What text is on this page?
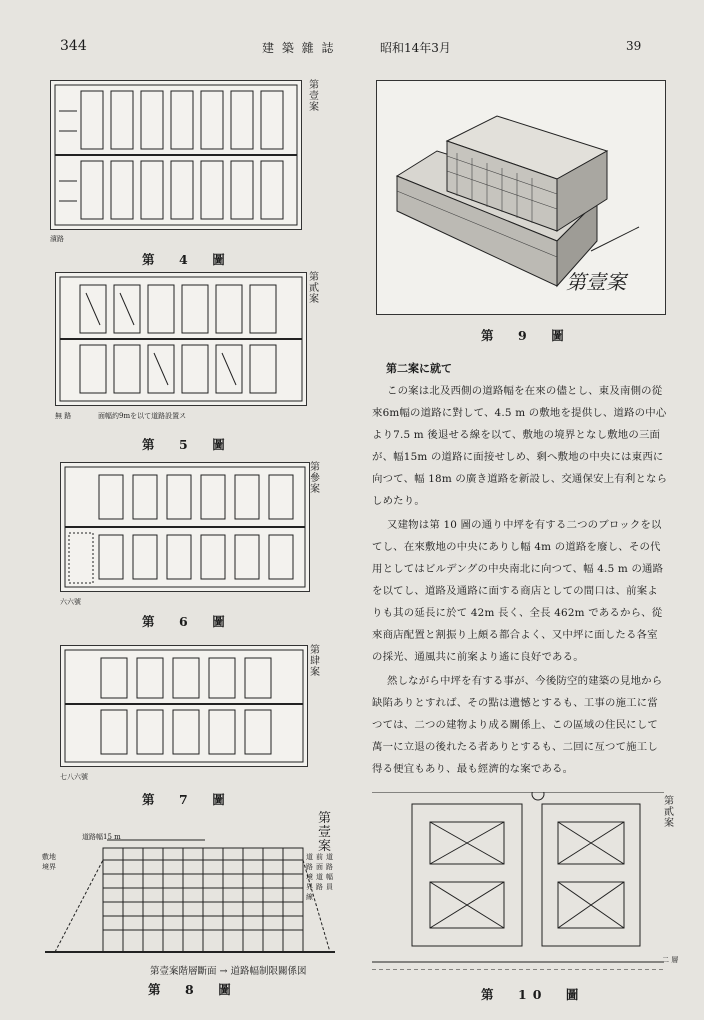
344	建 築 雜 誌	昭和14年3月	39
第壹案
濱路
第　4　圖
第貳案
無 路	面幅約9mを以て道路設置ス
第　5　圖
第參案
六六號
第　6　圖
第肆案
七八六號
第　7　圖
敷地境界
道路幅15 m
道路境界線
前面道路
道路幅員
第壹案
第壹案階層斷面 → 道路幅制限關係図
第　8　圖
第壹案
第　9　圖
第二案に就て

この案は北及西側の道路幅を在來の儘とし、東及南側の從來6m幅の道路に對して、4.5 m の敷地を提供し、道路の中心より7.5 m 後退せる線を以て、敷地の境界となし敷地の三面が、幅15m の道路に面接せしめ、剩へ敷地の中央には東西に向つて、幅 18m の廣き道路を新設し、交通保安上有利とならしめたり。

又建物は第 10 圖の通り中坪を有する二つのブロックを以てし、在來敷地の中央にありし幅 4m の道路を廢し、その代用としてはビルデングの中央南北に向つて、幅 4.5 m の通路を以てし、道路及通路に面する商店としての間口は、前案よりも其の延長に於て 42m 長く、全長 462m であるから、從來商店配置と割振り上頗る都合よく、又中坪に面したる各室の採光、通風共に前案より遙に良好である。

然しながら中坪を有する事が、今後防空的建築の見地から缺陷ありとすれば、その點は遺憾とするも、工事の施工に當つては、二つの建物より成る關係上、この區域の住民にして萬一に立退の後れたる者ありとするも、二回に亙つて施工し得る便宜もあり、最も經濟的な案である。

第貳案
二 層
第　10　圖
